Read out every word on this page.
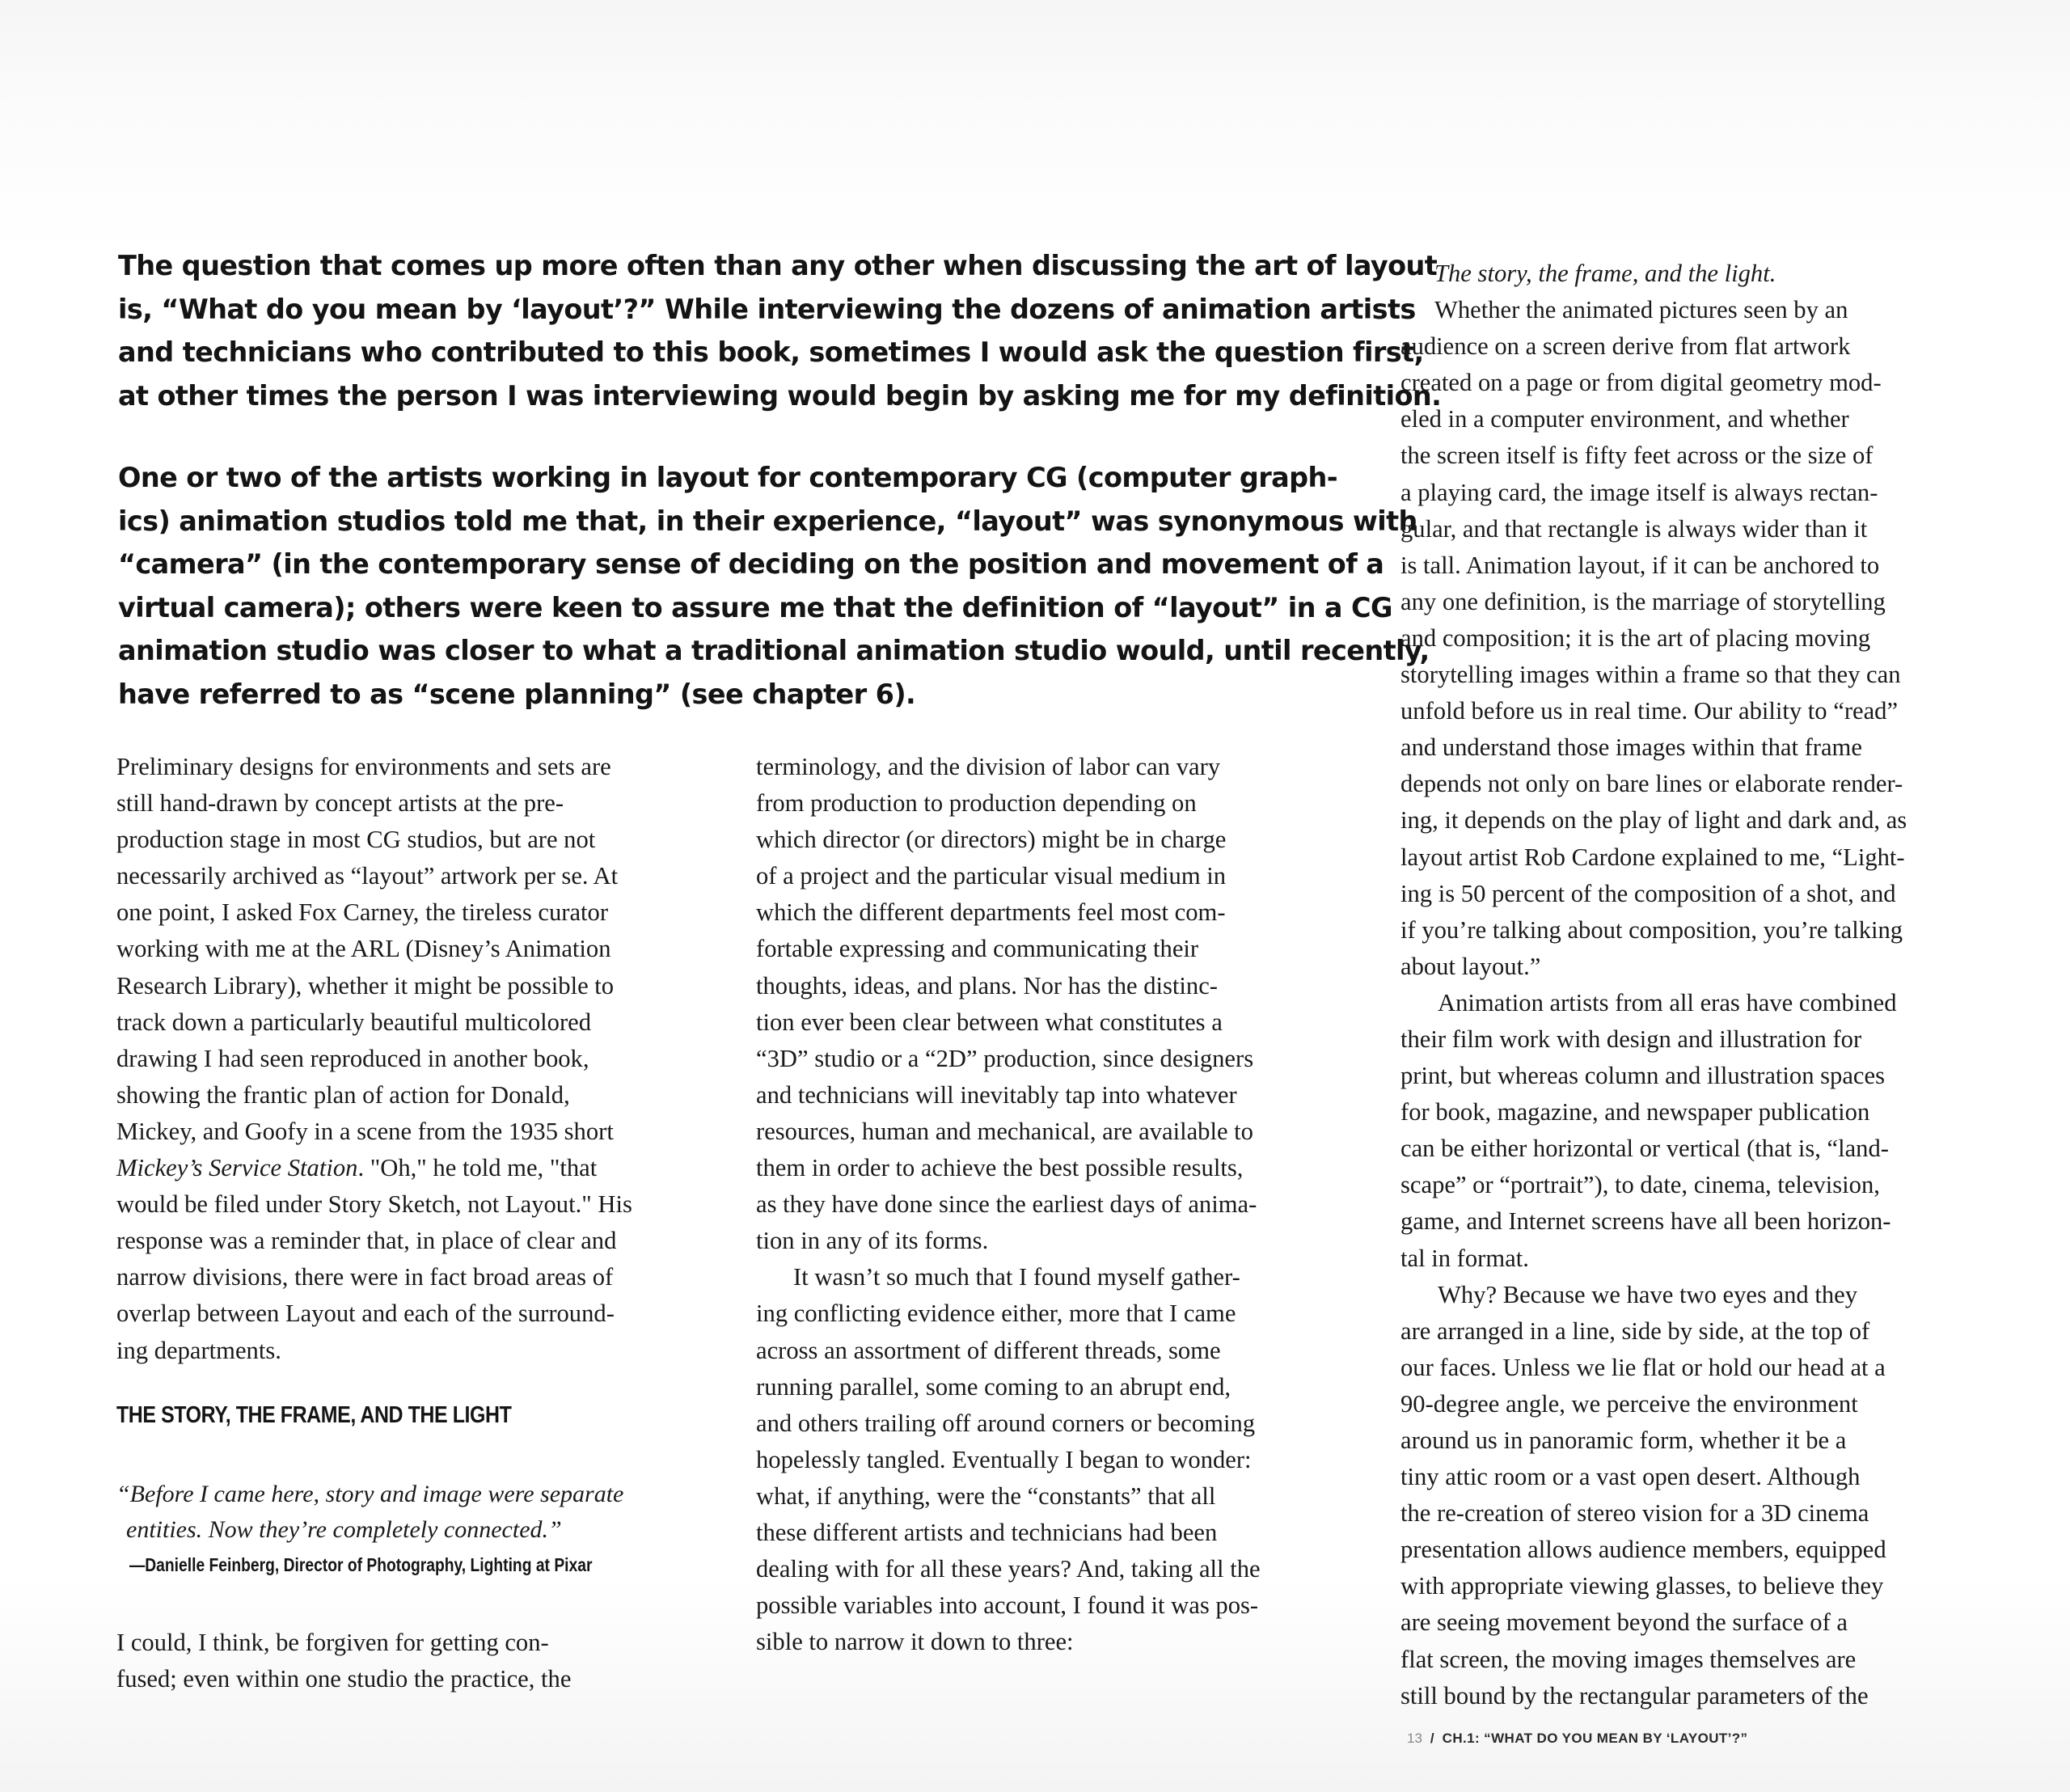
The question that comes up more often than any other when discussing the art of layout
is, “What do you mean by ‘layout’?” While interviewing the dozens of animation artists
and technicians who contributed to this book, sometimes I would ask the question first,
at other times the person I was interviewing would begin by asking me for my definition.
One or two of the artists working in layout for contemporary CG (computer graph-
ics) animation studios told me that, in their experience, “layout” was synonymous with
“camera” (in the contemporary sense of deciding on the position and movement of a
virtual camera); others were keen to assure me that the definition of “layout” in a CG
animation studio was closer to what a traditional animation studio would, until recently,
have referred to as “scene planning” (see chapter 6).
Preliminary designs for environments and sets are
still hand-drawn by concept artists at the pre-
production stage in most CG studios, but are not
necessarily archived as “layout” artwork per se. At
one point, I asked Fox Carney, the tireless curator
working with me at the ARL (Disney’s Animation
Research Library), whether it might be possible to
track down a particularly beautiful multicolored
drawing I had seen reproduced in another book,
showing the frantic plan of action for Donald,
Mickey, and Goofy in a scene from the 1935 short
Mickey’s Service Station. "Oh," he told me, "that
would be filed under Story Sketch, not Layout." His
response was a reminder that, in place of clear and
narrow divisions, there were in fact broad areas of
overlap between Layout and each of the surround-
ing departments.
THE STORY, THE FRAME, AND THE LIGHT
“Before I came here, story and image were separate
entities. Now they’re completely connected.”
—Danielle Feinberg, Director of Photography, Lighting at Pixar
I could, I think, be forgiven for getting con-
fused; even within one studio the practice, the
terminology, and the division of labor can vary
from production to production depending on
which director (or directors) might be in charge
of a project and the particular visual medium in
which the different departments feel most com-
fortable expressing and communicating their
thoughts, ideas, and plans. Nor has the distinc-
tion ever been clear between what constitutes a
“3D” studio or a “2D” production, since designers
and technicians will inevitably tap into whatever
resources, human and mechanical, are available to
them in order to achieve the best possible results,
as they have done since the earliest days of anima-
tion in any of its forms.
It wasn’t so much that I found myself gather-
ing conflicting evidence either, more that I came
across an assortment of different threads, some
running parallel, some coming to an abrupt end,
and others trailing off around corners or becoming
hopelessly tangled. Eventually I began to wonder:
what, if anything, were the “constants” that all
these different artists and technicians had been
dealing with for all these years? And, taking all the
possible variables into account, I found it was pos-
sible to narrow it down to three:
The story, the frame, and the light.
Whether the animated pictures seen by an
audience on a screen derive from flat artwork
created on a page or from digital geometry mod-
eled in a computer environment, and whether
the screen itself is fifty feet across or the size of
a playing card, the image itself is always rectan-
gular, and that rectangle is always wider than it
is tall. Animation layout, if it can be anchored to
any one definition, is the marriage of storytelling
and composition; it is the art of placing moving
storytelling images within a frame so that they can
unfold before us in real time. Our ability to “read”
and understand those images within that frame
depends not only on bare lines or elaborate render-
ing, it depends on the play of light and dark and, as
layout artist Rob Cardone explained to me, “Light-
ing is 50 percent of the composition of a shot, and
if you’re talking about composition, you’re talking
about layout.”
Animation artists from all eras have combined
their film work with design and illustration for
print, but whereas column and illustration spaces
for book, magazine, and newspaper publication
can be either horizontal or vertical (that is, “land-
scape” or “portrait”), to date, cinema, television,
game, and Internet screens have all been horizon-
tal in format.
Why? Because we have two eyes and they
are arranged in a line, side by side, at the top of
our faces. Unless we lie flat or hold our head at a
90-degree angle, we perceive the environment
around us in panoramic form, whether it be a
tiny attic room or a vast open desert. Although
the re-creation of stereo vision for a 3D cinema
presentation allows audience members, equipped
with appropriate viewing glasses, to believe they
are seeing movement beyond the surface of a
flat screen, the moving images themselves are
still bound by the rectangular parameters of the
13 / CH.1: “WHAT DO YOU MEAN BY ‘LAYOUT’?”
